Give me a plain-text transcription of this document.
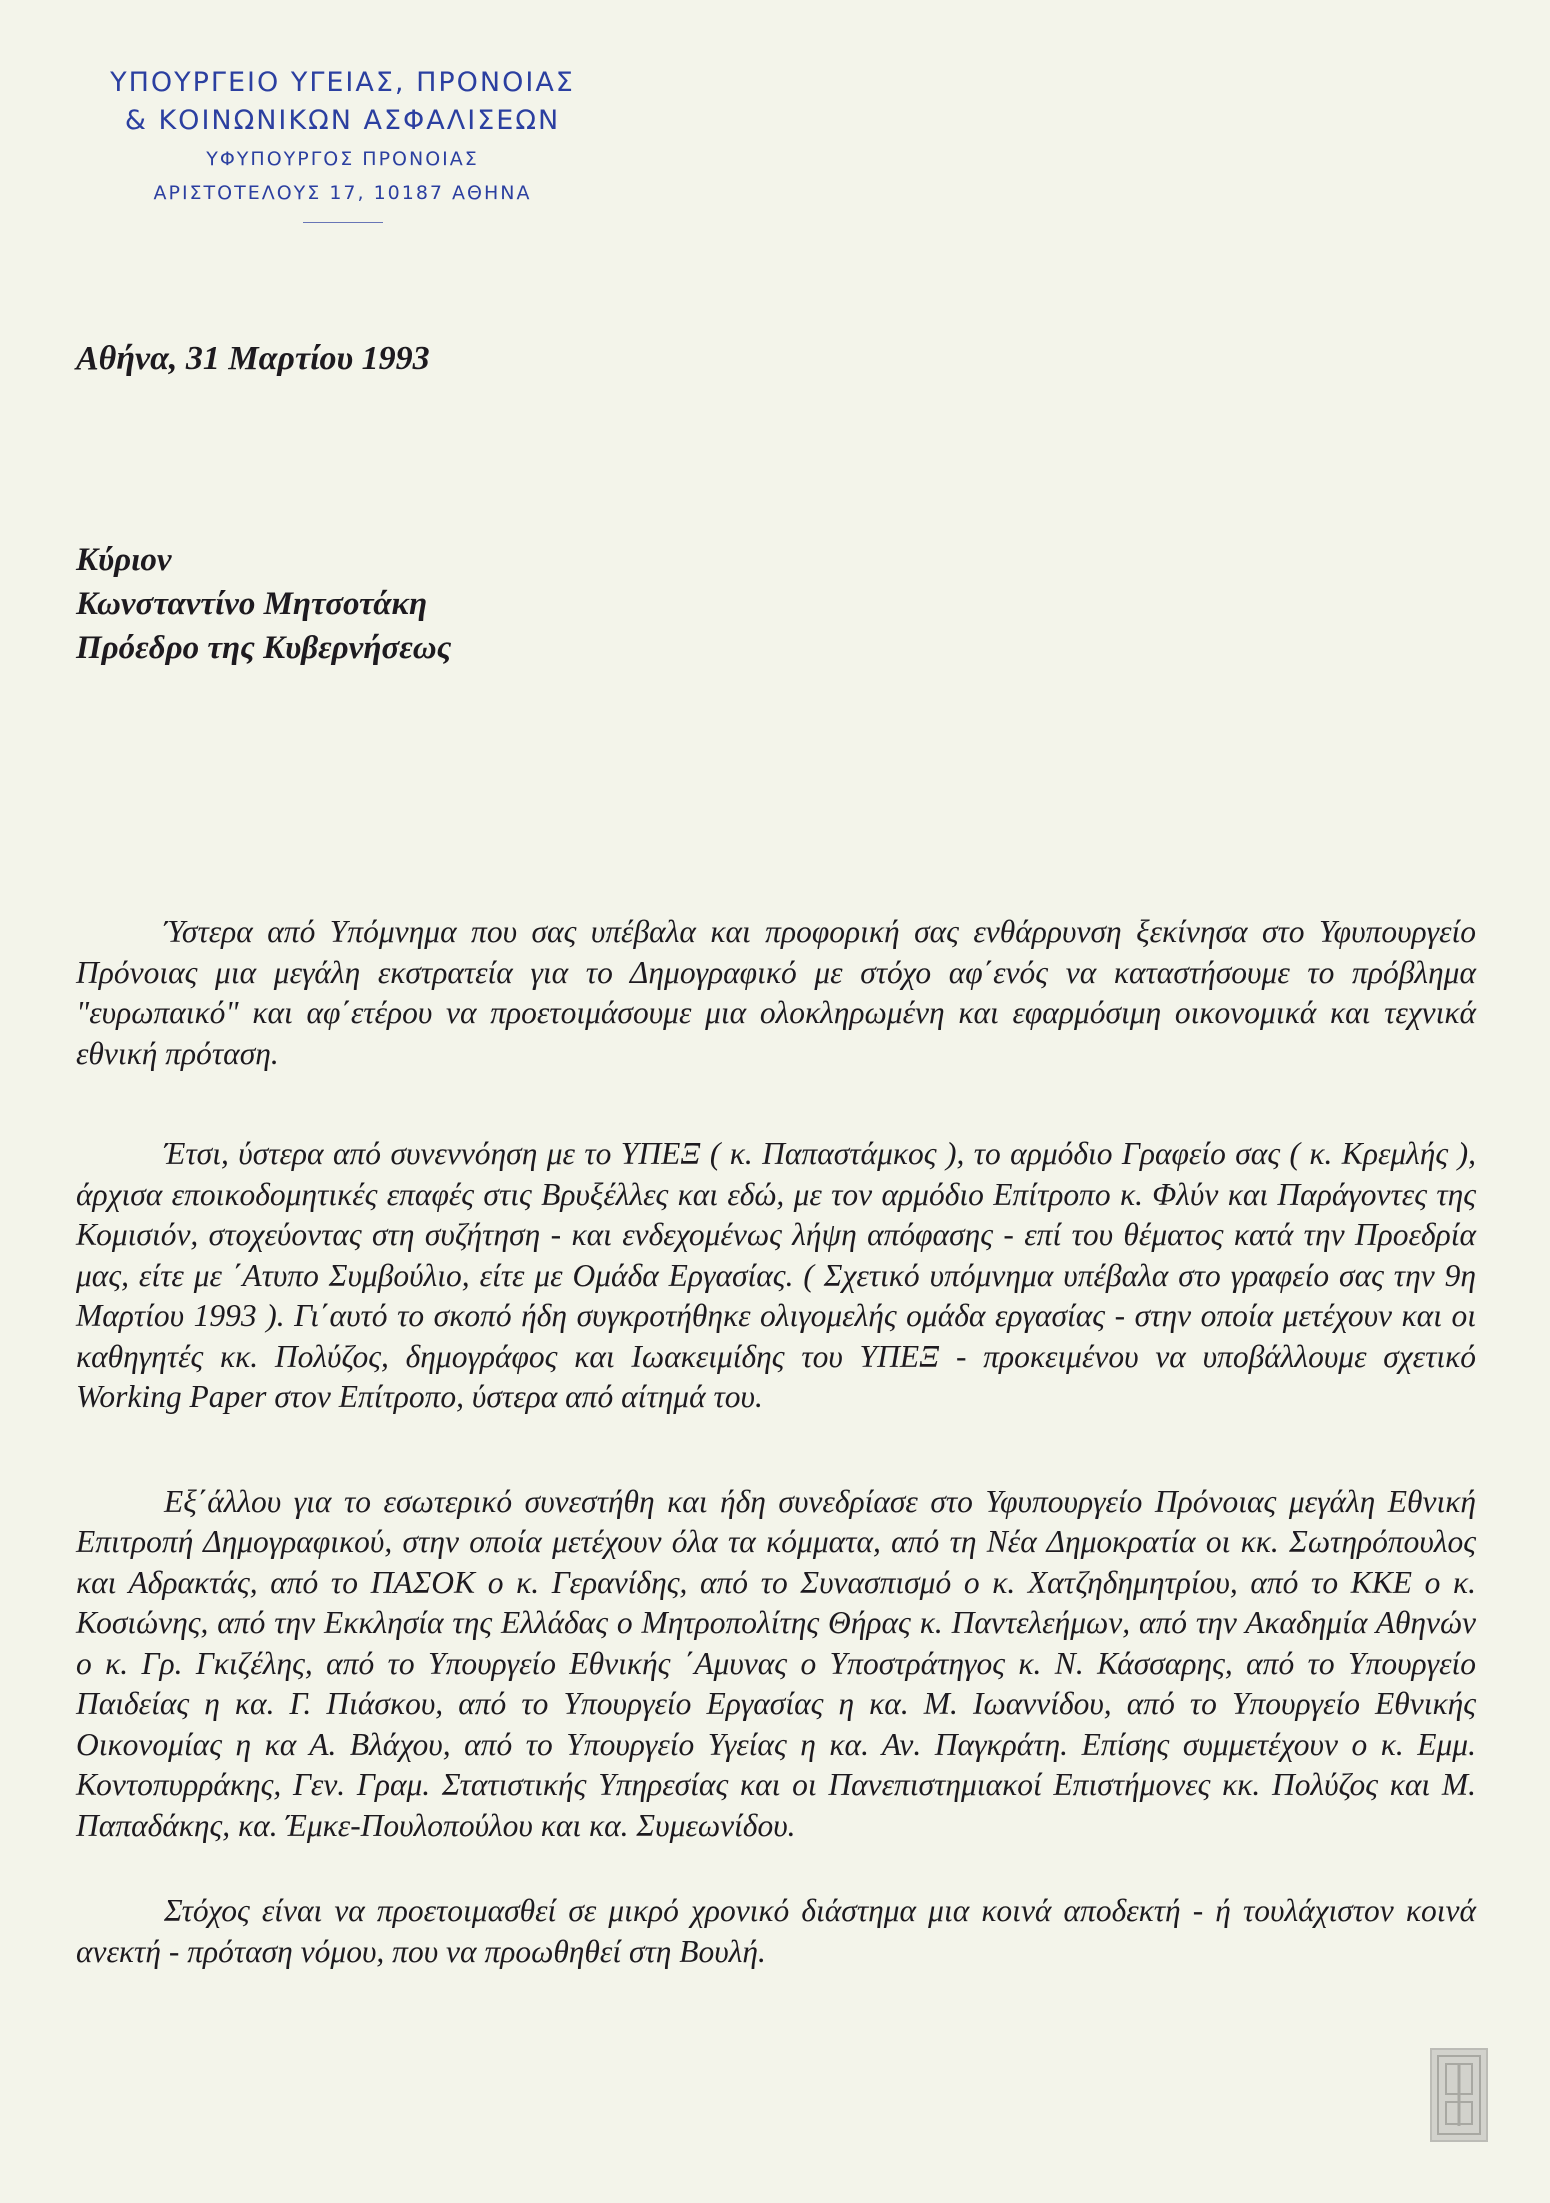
ΥΠΟΥΡΓΕΙΟ ΥΓΕΙΑΣ, ΠΡΟΝΟΙΑΣ
& ΚΟΙΝΩΝΙΚΩΝ ΑΣΦΑΛΙΣΕΩΝ
ΥΦΥΠΟΥΡΓΟΣ ΠΡΟΝΟΙΑΣ
ΑΡΙΣΤΟΤΕΛΟΥΣ 17, 10187 ΑΘΗΝΑ
Αθήνα, 31 Μαρτίου 1993
Κύριον
Κωνσταντίνο Μητσοτάκη
Πρόεδρο της Κυβερνήσεως

Ύστερα από Υπόμνημα που σας υπέβαλα και προφορική σας ενθάρρυνση ξεκίνησα στο Υφυπουργείο Πρόνοιας μια μεγάλη εκστρατεία για το Δημογραφικό με στόχο αφ΄ενός να καταστήσουμε το πρόβλημα "ευρωπαικό" και αφ΄ετέρου να προετοιμάσουμε μια ολοκληρωμένη και εφαρμόσιμη οικονομικά και τεχνικά εθνική πρόταση.

Έτσι, ύστερα από συνεννόηση με το ΥΠΕΞ ( κ. Παπαστάμκος ), το αρμόδιο Γραφείο σας ( κ. Κρεμλής ), άρχισα εποικοδομητικές επαφές στις Βρυξέλλες και εδώ, με τον αρμόδιο Επίτροπο κ. Φλύν και Παράγοντες της Κομισιόν, στοχεύοντας στη συζήτηση - και ενδεχομένως λήψη απόφασης - επί του θέματος κατά την Προεδρία μας, είτε με ΄Ατυπο Συμβούλιο, είτε με Ομάδα Εργασίας. ( Σχετικό υπόμνημα υπέβαλα στο γραφείο σας την 9η Μαρτίου 1993 ). Γι΄αυτό το σκοπό ήδη συγκροτήθηκε ολιγομελής ομάδα εργασίας - στην οποία μετέχουν και οι καθηγητές κκ. Πολύζος, δημογράφος και Ιωακειμίδης του ΥΠΕΞ - προκειμένου να υποβάλλουμε σχετικό Working Paper στον Επίτροπο, ύστερα από αίτημά του.

Εξ΄άλλου για το εσωτερικό συνεστήθη και ήδη συνεδρίασε στο Υφυπουργείο Πρόνοιας μεγάλη Εθνική Επιτροπή Δημογραφικού, στην οποία μετέχουν όλα τα κόμματα, από τη Νέα Δημοκρατία οι κκ. Σωτηρόπουλος και Αδρακτάς, από το ΠΑΣΟΚ ο κ. Γερανίδης, από το Συνασπισμό ο κ. Χατζηδημητρίου, από το ΚΚΕ ο κ. Κοσιώνης, από την Εκκλησία της Ελλάδας ο Μητροπολίτης Θήρας κ. Παντελεήμων, από την Ακαδημία Αθηνών ο κ. Γρ. Γκιζέλης, από το Υπουργείο Εθνικής ΄Αμυνας ο Υποστράτηγος κ. Ν. Κάσσαρης, από το Υπουργείο Παιδείας η κα. Γ. Πιάσκου, από το Υπουργείο Εργασίας η κα. Μ. Ιωαννίδου, από το Υπουργείο Εθνικής Οικονομίας η κα Α. Βλάχου, από το Υπουργείο Υγείας η κα. Αν. Παγκράτη. Επίσης συμμετέχουν ο κ. Εμμ. Κοντοπυρράκης, Γεν. Γραμ. Στατιστικής Υπηρεσίας και οι Πανεπιστημιακοί Επιστήμονες κκ. Πολύζος και Μ. Παπαδάκης, κα. Έμκε-Πουλοπούλου και κα. Συμεωνίδου.

Στόχος είναι να προετοιμασθεί σε μικρό χρονικό διάστημα μια κοινά αποδεκτή - ή τουλάχιστον κοινά ανεκτή - πρόταση νόμου, που να προωθηθεί στη Βουλή.
